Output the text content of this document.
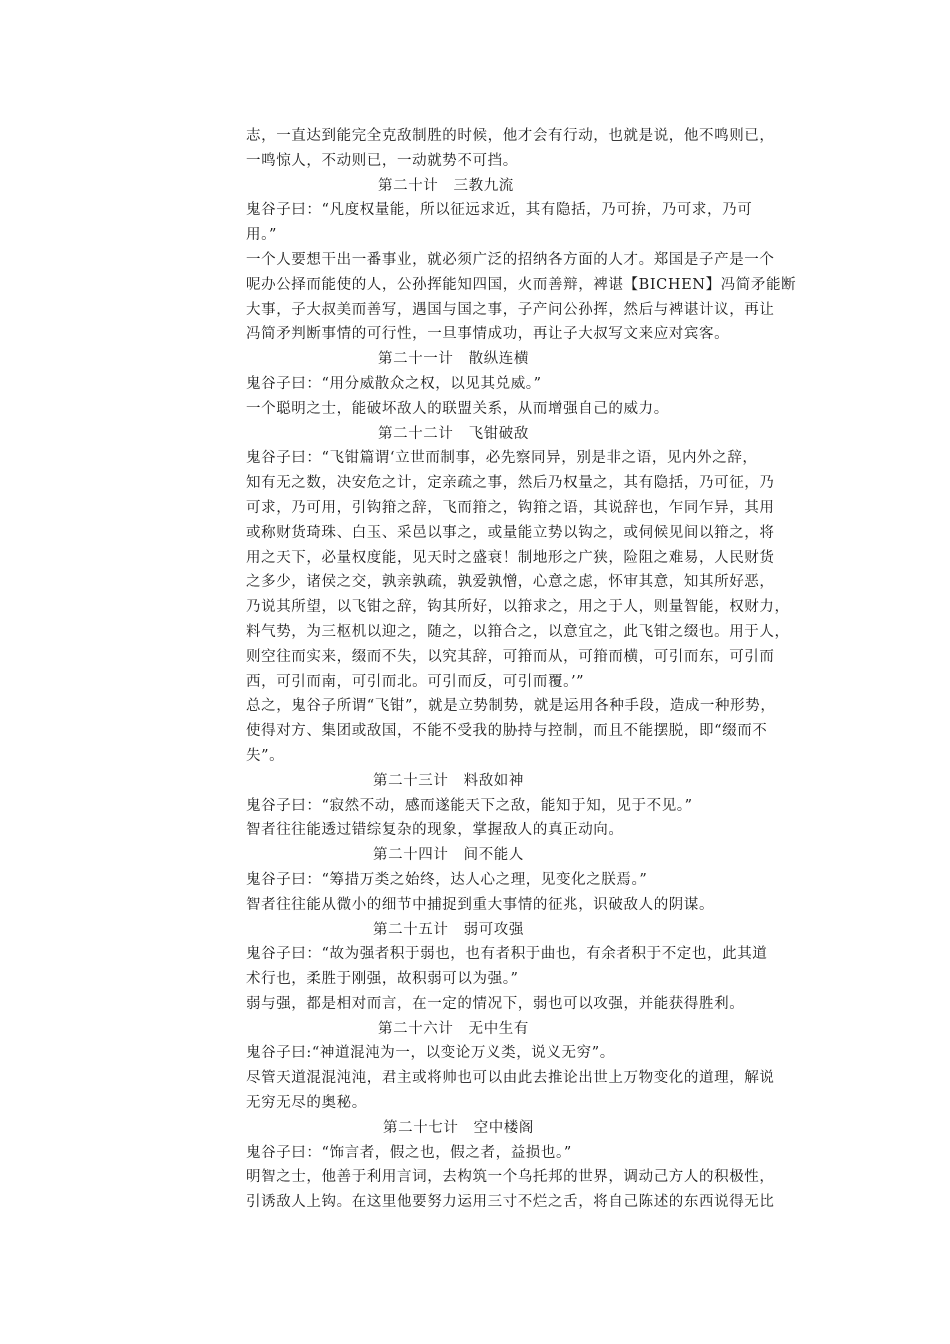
志，一直达到能完全克敌制胜的时候，他才会有行动，也就是说，他不鸣则已，
一鸣惊人，不动则已，一动就势不可挡。
第二十计　三教九流
鬼谷子曰：“凡度权量能，所以征远求近，其有隐括，乃可拚，乃可求，乃可
用。”
一个人要想干出一番事业，就必须广泛的招纳各方面的人才。郑国是子产是一个
呢办公择而能使的人，公孙挥能知四国，火而善辩，裨谌【BICHEN】冯简矛能断
大事，子大叔美而善写，遇国与国之事，子产问公孙挥，然后与裨谌计议，再让
冯简矛判断事情的可行性，一旦事情成功，再让子大叔写文来应对宾客。
第二十一计　散纵连横
鬼谷子曰：“用分威散众之权，以见其兑威。”
一个聪明之士，能破坏敌人的联盟关系，从而增强自己的威力。
第二十二计　飞钳破敌
鬼谷子曰：“飞钳篇谓‘立世而制事，必先察同异，别是非之语，见内外之辞，
知有无之数，决安危之计，定亲疏之事，然后乃权量之，其有隐括，乃可征，乃
可求，乃可用，引钩箝之辞，飞而箝之，钩箝之语，其说辞也，乍同乍异，其用
或称财货琦珠、白玉、采邑以事之，或量能立势以钩之，或伺候见间以箝之，将
用之天下，必量权度能，见天时之盛衰！制地形之广狭，险阻之难易，人民财货
之多少，诸侯之交，孰亲孰疏，孰爱孰憎，心意之虑，怀审其意，知其所好恶，
乃说其所望，以飞钳之辞，钩其所好，以箝求之，用之于人，则量智能，权财力，
料气势，为三枢机以迎之，随之，以箝合之，以意宜之，此飞钳之缀也。用于人，
则空往而实来，缀而不失，以究其辞，可箝而从，可箝而横，可引而东，可引而
西，可引而南，可引而北。可引而反，可引而覆。’”
总之，鬼谷子所谓“飞钳”，就是立势制势，就是运用各种手段，造成一种形势，
使得对方、集团或敌国，不能不受我的胁持与控制，而且不能摆脱，即“缀而不
失”。
第二十三计　料敌如神
鬼谷子曰：“寂然不动，感而遂能天下之敌，能知于知，见于不见。”
智者往往能透过错综复杂的现象，掌握敌人的真正动向。
第二十四计　间不能人
鬼谷子曰：“筹措万类之始终，达人心之理，见变化之朕焉。”
智者往往能从微小的细节中捕捉到重大事情的征兆，识破敌人的阴谋。
第二十五计　弱可攻强
鬼谷子曰：“故为强者积于弱也，也有者积于曲也，有余者积于不定也，此其道
术行也，柔胜于刚强，故积弱可以为强。”
弱与强，都是相对而言，在一定的情况下，弱也可以攻强，并能获得胜利。
第二十六计　无中生有
鬼谷子曰:“神道混沌为一，以变论万义类，说义无穷”。
尽管天道混混沌沌，君主或将帅也可以由此去推论出世上万物变化的道理，解说
无穷无尽的奥秘。
第二十七计　空中楼阁
鬼谷子曰：“饰言者，假之也，假之者，益损也。”
明智之士，他善于利用言词，去构筑一个乌托邦的世界，调动己方人的积极性，
引诱敌人上钩。在这里他要努力运用三寸不烂之舌，将自己陈述的东西说得无比
